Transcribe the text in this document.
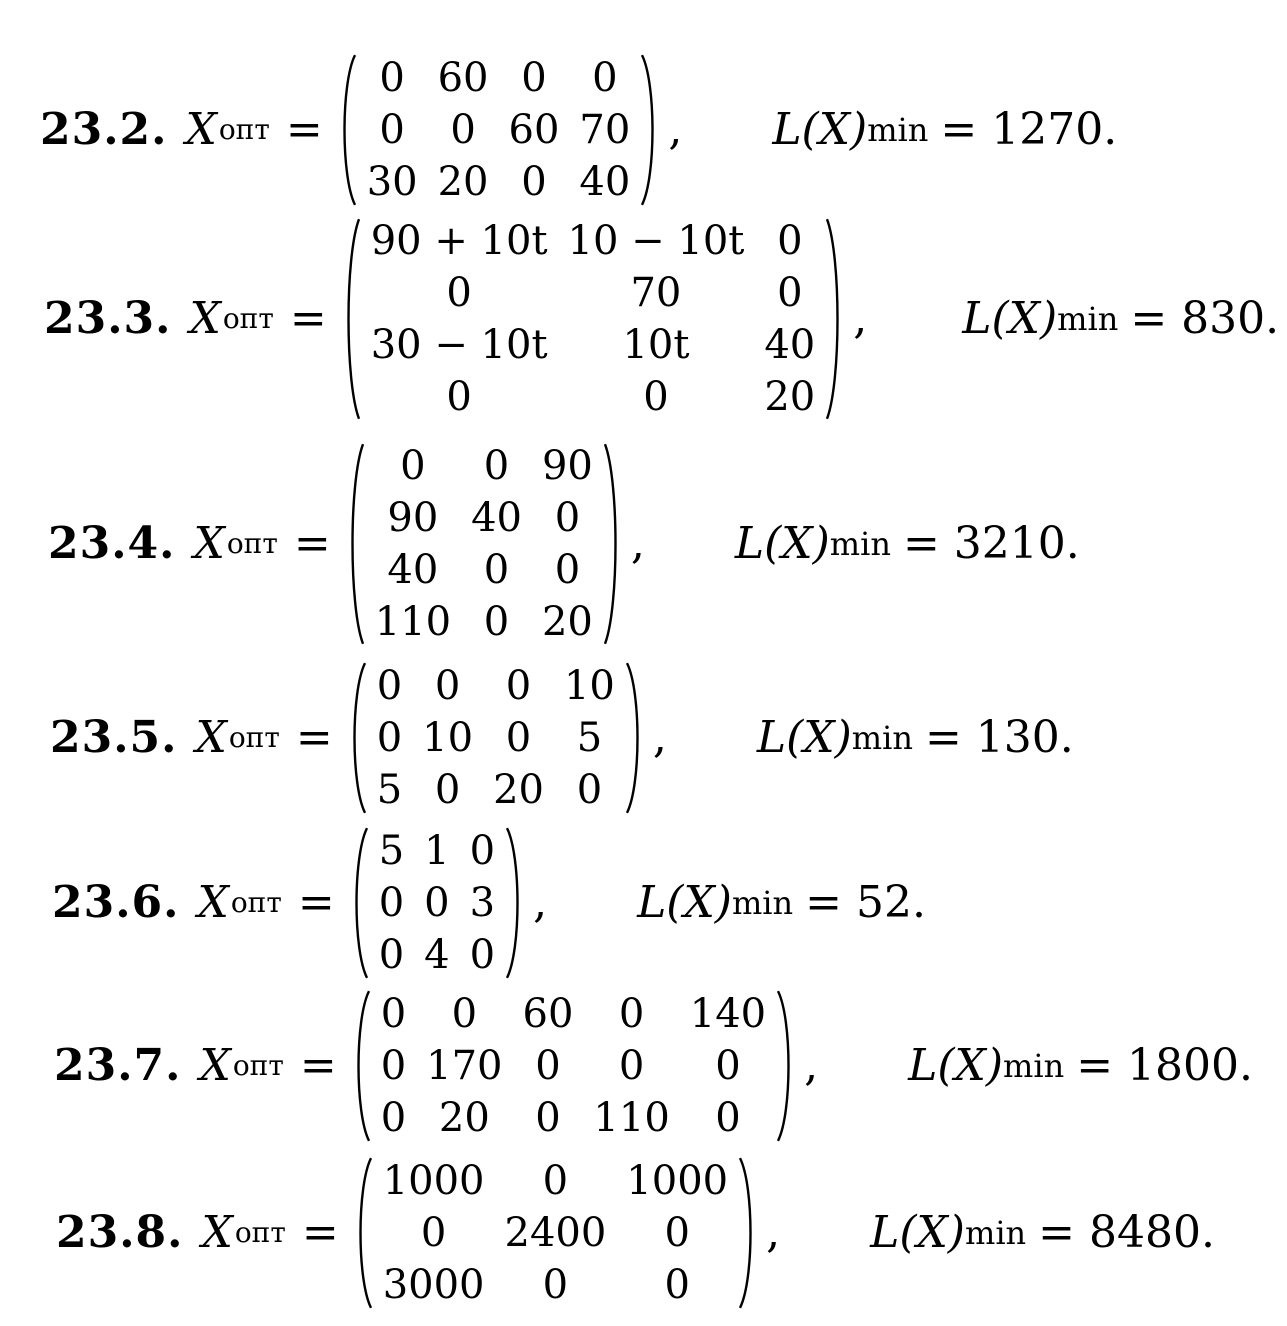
23.2. X опт =
0	60	0	0
0	0	60	70
30	20	0	40
, L(X) min = 1270.
23.3. X опт =
90 + 10t	10 − 10t	0
0	70	0
30 − 10t	10t	40
0	0	20
, L(X) min = 830.
23.4. X опт =
0	0	90
90	40	0
40	0	0
110	0	20
, L(X) min = 3210.
23.5. X опт =
0	0	0	10
0	10	0	5
5	0	20	0
, L(X) min = 130.
23.6. X опт =
5	1	0
0	0	3
0	4	0
, L(X) min = 52.
23.7. X опт =
0	0	60	0	140
0	170	0	0	0
0	20	0	110	0
, L(X) min = 1800.
23.8. X опт =
1000	0	1000
0	2400	0
3000	0	0
, L(X) min = 8480.
